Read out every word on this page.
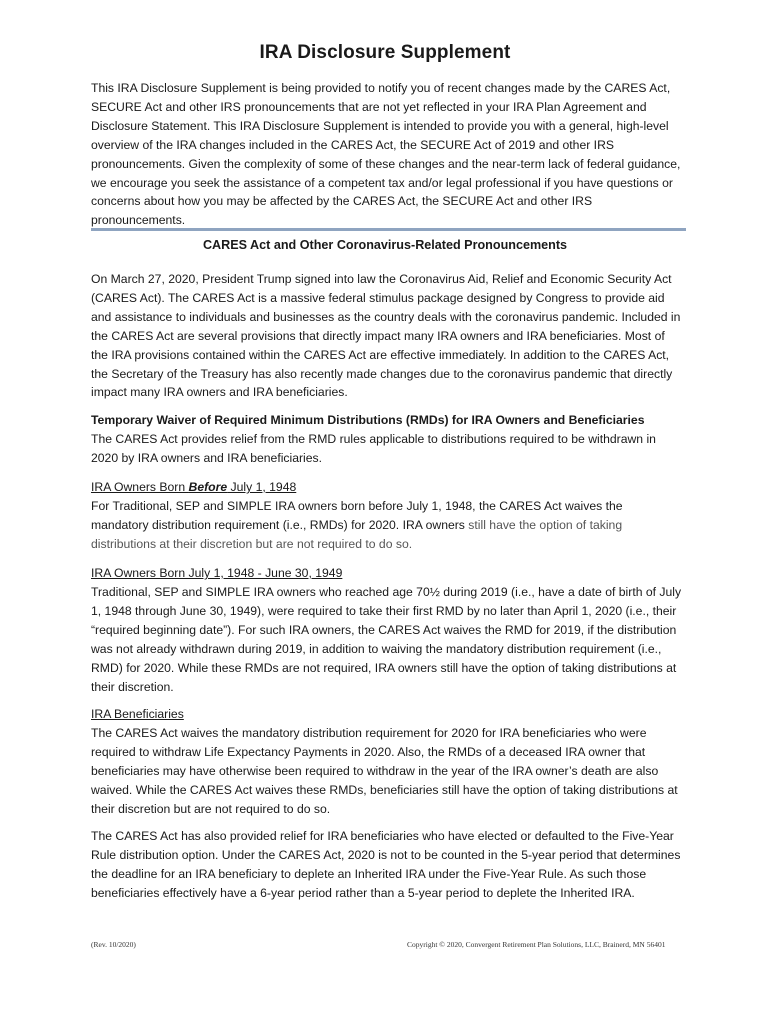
IRA Disclosure Supplement
This IRA Disclosure Supplement is being provided to notify you of recent changes made by the CARES Act, SECURE Act and other IRS pronouncements that are not yet reflected in your IRA Plan Agreement and Disclosure Statement. This IRA Disclosure Supplement is intended to provide you with a general, high-level overview of the IRA changes included in the CARES Act, the SECURE Act of 2019 and other IRS pronouncements. Given the complexity of some of these changes and the near-term lack of federal guidance, we encourage you seek the assistance of a competent tax and/or legal professional if you have questions or concerns about how you may be affected by the CARES Act, the SECURE Act and other IRS pronouncements.
CARES Act and Other Coronavirus-Related Pronouncements
On March 27, 2020, President Trump signed into law the Coronavirus Aid, Relief and Economic Security Act (CARES Act). The CARES Act is a massive federal stimulus package designed by Congress to provide aid and assistance to individuals and businesses as the country deals with the coronavirus pandemic. Included in the CARES Act are several provisions that directly impact many IRA owners and IRA beneficiaries. Most of the IRA provisions contained within the CARES Act are effective immediately. In addition to the CARES Act, the Secretary of the Treasury has also recently made changes due to the coronavirus pandemic that directly impact many IRA owners and IRA beneficiaries.
Temporary Waiver of Required Minimum Distributions (RMDs) for IRA Owners and Beneficiaries
The CARES Act provides relief from the RMD rules applicable to distributions required to be withdrawn in 2020 by IRA owners and IRA beneficiaries.
IRA Owners Born Before July 1, 1948
For Traditional, SEP and SIMPLE IRA owners born before July 1, 1948, the CARES Act waives the mandatory distribution requirement (i.e., RMDs) for 2020. IRA owners still have the option of taking distributions at their discretion but are not required to do so.
IRA Owners Born July 1, 1948 - June 30, 1949
Traditional, SEP and SIMPLE IRA owners who reached age 70½ during 2019 (i.e., have a date of birth of July 1, 1948 through June 30, 1949), were required to take their first RMD by no later than April 1, 2020 (i.e., their “required beginning date”). For such IRA owners, the CARES Act waives the RMD for 2019, if the distribution was not already withdrawn during 2019, in addition to waiving the mandatory distribution requirement (i.e., RMD) for 2020. While these RMDs are not required, IRA owners still have the option of taking distributions at their discretion.
IRA Beneficiaries
The CARES Act waives the mandatory distribution requirement for 2020 for IRA beneficiaries who were required to withdraw Life Expectancy Payments in 2020. Also, the RMDs of a deceased IRA owner that beneficiaries may have otherwise been required to withdraw in the year of the IRA owner’s death are also waived. While the CARES Act waives these RMDs, beneficiaries still have the option of taking distributions at their discretion but are not required to do so.
The CARES Act has also provided relief for IRA beneficiaries who have elected or defaulted to the Five-Year Rule distribution option. Under the CARES Act, 2020 is not to be counted in the 5-year period that determines the deadline for an IRA beneficiary to deplete an Inherited IRA under the Five-Year Rule. As such those beneficiaries effectively have a 6-year period rather than a 5-year period to deplete the Inherited IRA.
(Rev. 10/2020)	Copyright © 2020, Convergent Retirement Plan Solutions, LLC, Brainerd, MN 56401
